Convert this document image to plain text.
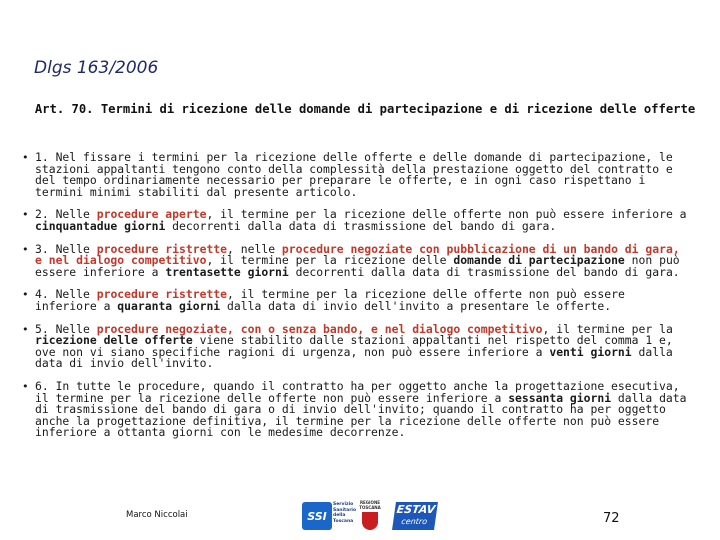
Dlgs 163/2006
Art. 70. Termini di ricezione delle domande di partecipazione e di ricezione delle offerte
• 1. Nel fissare i termini per la ricezione delle offerte e delle domande di partecipazione, le stazioni appaltanti tengono conto della complessità della prestazione oggetto del contratto e del tempo ordinariamente necessario per preparare le offerte, e in ogni caso rispettano i termini minimi stabiliti dal presente articolo.
• 2. Nelle procedure aperte, il termine per la ricezione delle offerte non può essere inferiore a cinquantadue giorni decorrenti dalla data di trasmissione del bando di gara.
• 3. Nelle procedure ristrette, nelle procedure negoziate con pubblicazione di un bando di gara, e nel dialogo competitivo, il termine per la ricezione delle domande di partecipazione non può essere inferiore a trentasette giorni decorrenti dalla data di trasmissione del bando di gara.
• 4. Nelle procedure ristrette, il termine per la ricezione delle offerte non può essere inferiore a quaranta giorni dalla data di invio dell'invito a presentare le offerte.
• 5. Nelle procedure negoziate, con o senza bando, e nel dialogo competitivo, il termine per la ricezione delle offerte viene stabilito dalle stazioni appaltanti nel rispetto del comma 1 e, ove non vi siano specifiche ragioni di urgenza, non può essere inferiore a venti giorni dalla data di invio dell'invito.
• 6. In tutte le procedure, quando il contratto ha per oggetto anche la progettazione esecutiva, il termine per la ricezione delle offerte non può essere inferiore a sessanta giorni dalla data di trasmissione del bando di gara o di invio dell'invito; quando il contratto ha per oggetto anche la progettazione definitiva, il termine per la ricezione delle offerte non può essere inferiore a ottanta giorni con le medesime decorrenze.
Marco Niccolai	SSI
Servizio Sanitario della Toscana
REGIONE TOSCANA	ESTAV
centro	72
